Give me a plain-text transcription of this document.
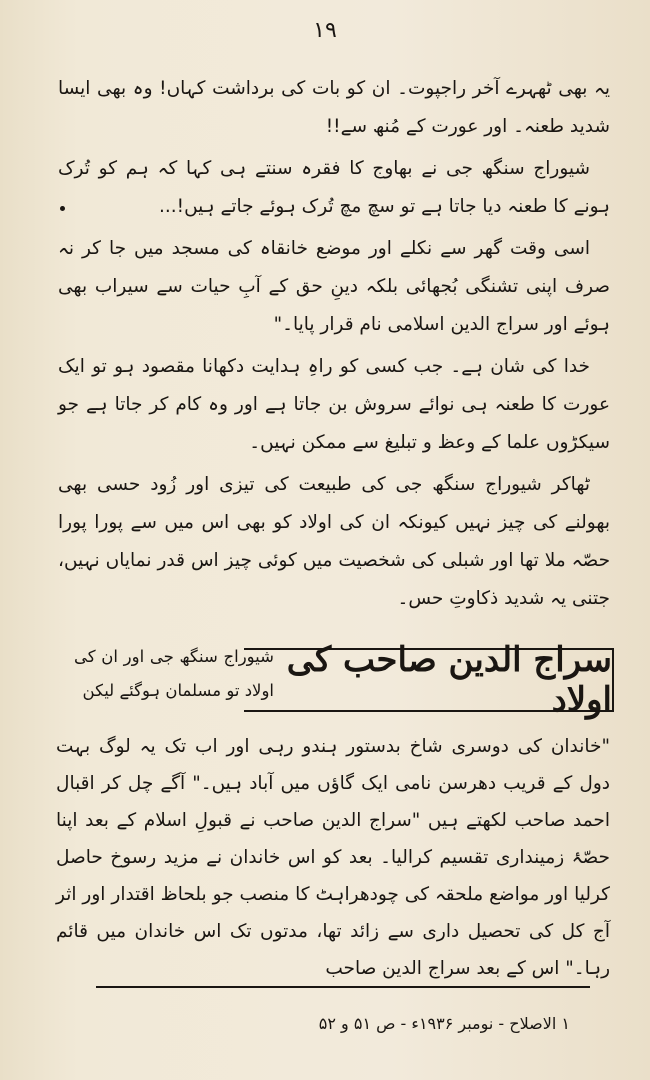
۱۹

یہ بھی ٹھہرے آخر راجپوت۔ ان کو بات کی برداشت کہاں! وہ بھی ایسا شدید طعنہ۔ اور عورت کے مُنھ سے!!

شیوراج سنگھ جی نے بھاوج کا فقرہ سنتے ہی کہا کہ ہم کو تُرک ہونے کا طعنہ دیا جاتا ہے تو سچ مچ تُرک ہوئے جاتے ہیں!...

اسی وقت گھر سے نکلے اور موضع خانقاہ کی مسجد میں جا کر نہ صرف اپنی تشنگی بُجھائی بلکہ دینِ حق کے آبِ حیات سے سیراب بھی ہوئے اور سراج الدین اسلامی نام قرار پایا۔"

خدا کی شان ہے۔ جب کسی کو راہِ ہدایت دکھانا مقصود ہو تو ایک عورت کا طعنہ ہی نوائے سروش بن جاتا ہے اور وہ کام کر جاتا ہے جو سیکڑوں علما کے وعظ و تبلیغ سے ممکن نہیں۔

ٹھاکر شیوراج سنگھ جی کی طبیعت کی تیزی اور زُود حسی بھی بھولنے کی چیز نہیں کیونکہ ان کی اولاد کو بھی اس میں سے پورا پورا حصّہ ملا تھا اور شبلی کی شخصیت میں کوئی چیز اس قدر نمایاں نہیں، جتنی یہ شدید ذکاوتِ حس۔

سراج الدین صاحب کی اولاد
شیوراج سنگھ جی اور ان کی اولاد تو مسلمان ہوگئے لیکن

"خاندان کی دوسری شاخ بدستور ہندو رہی اور اب تک یہ لوگ بہت دول کے قریب دھرسن نامی ایک گاؤں میں آباد ہیں۔" آگے چل کر اقبال احمد صاحب لکھتے ہیں "سراج الدین صاحب نے قبولِ اسلام کے بعد اپنا حصّۂ زمینداری تقسیم کرالیا۔ بعد کو اس خاندان نے مزید رسوخ حاصل کرلیا اور مواضع ملحقہ کی چودھراہٹ کا منصب جو بلحاظ اقتدار اور اثر آج کل کی تحصیل داری سے زائد تھا، مدتوں تک اس خاندان میں قائم رہا۔" اس کے بعد سراج الدین صاحب

۱ الاصلاح - نومبر ۱۹۳۶ء - ص ۵۱ و ۵۲
